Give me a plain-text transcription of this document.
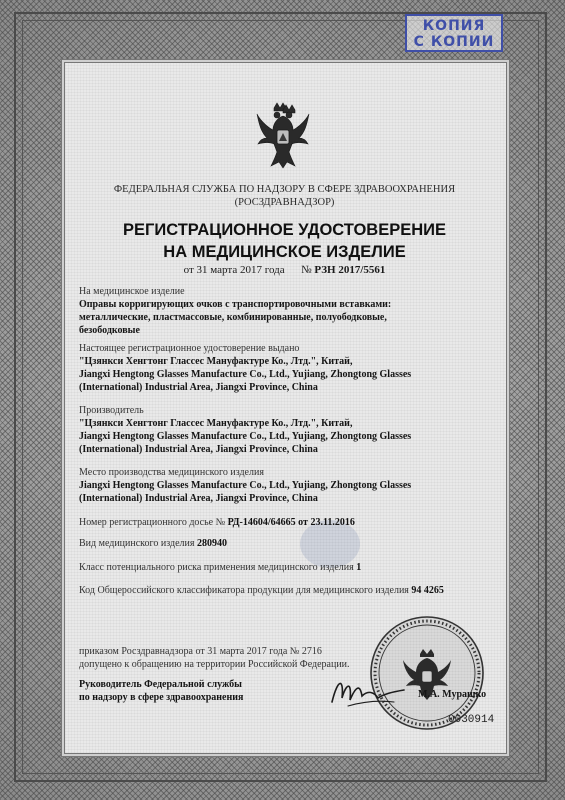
КОПИЯ
С КОПИИ
ФЕДЕРАЛЬНАЯ СЛУЖБА ПО НАДЗОРУ В СФЕРЕ ЗДРАВООХРАНЕНИЯ
(РОСЗДРАВНАДЗОР)
РЕГИСТРАЦИОННОЕ УДОСТОВЕРЕНИЕ
НА МЕДИЦИНСКОЕ ИЗДЕЛИЕ
от 31 марта 2017 года № РЗН 2017/5561
На медицинское изделие
Оправы корригирующих очков с транспортировочными вставками:
металлические, пластмассовые, комбинированные, полуободковые,
безободковые
Настоящее регистрационное удостоверение выдано
"Цзянкси Хенгтонг Глассес Мануфактуре Ко., Лтд.", Китай,
Jiangxi Hengtong Glasses Manufacture Co., Ltd., Yujiang, Zhongtong Glasses
(International) Industrial Area, Jiangxi Province, China
Производитель
"Цзянкси Хенгтонг Глассес Мануфактуре Ко., Лтд.", Китай,
Jiangxi Hengtong Glasses Manufacture Co., Ltd., Yujiang, Zhongtong Glasses
(International) Industrial Area, Jiangxi Province, China
Место производства медицинского изделия
Jiangxi Hengtong Glasses Manufacture Co., Ltd., Yujiang, Zhongtong Glasses
(International) Industrial Area, Jiangxi Province, China
Номер регистрационного досье № РД-14604/64665 от 23.11.2016
Вид медицинского изделия 280940
Класс потенциального риска применения медицинского изделия 1
Код Общероссийского классификатора продукции для медицинского изделия 94 4265
приказом Росздравнадзора от 31 марта 2017 года № 2716
допущено к обращению на территории Российской Федерации.
Руководитель Федеральной службы
по надзору в сфере здравоохранения	М.А. Мурашко
0030914
